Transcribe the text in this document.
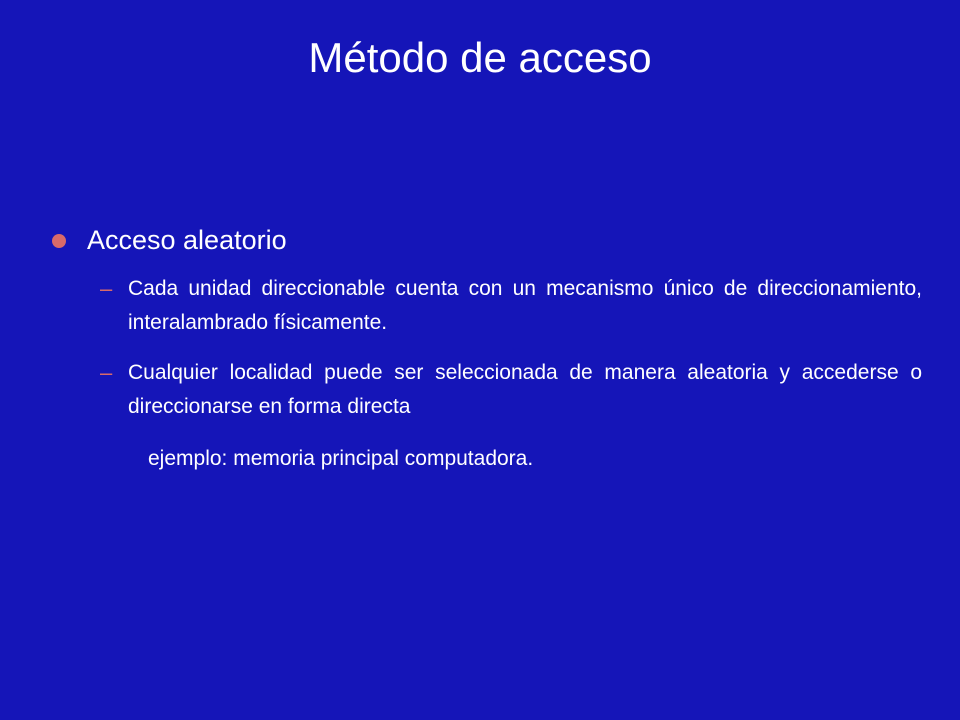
Método de acceso
Acceso aleatorio
– Cada unidad direccionable cuenta con un mecanismo único de direccionamiento, interalambrado físicamente.
– Cualquier localidad puede ser seleccionada de manera aleatoria y accederse o direccionarse en forma directa
ejemplo: memoria principal computadora.
